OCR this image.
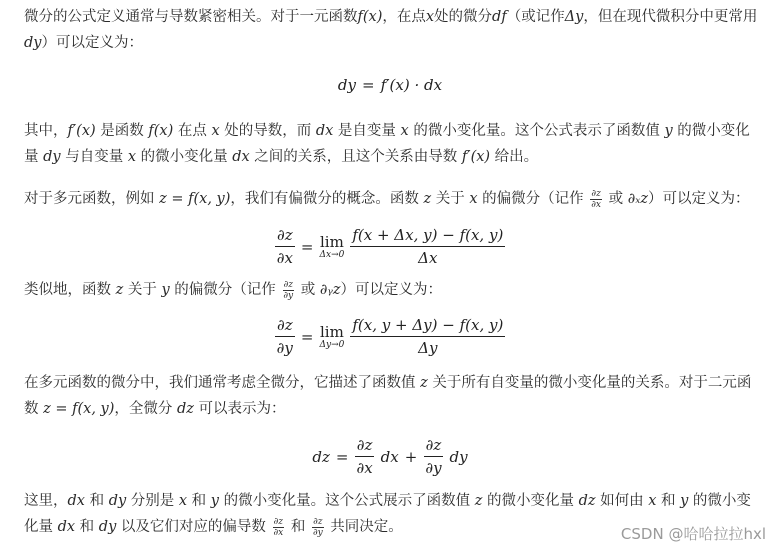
微分的公式定义通常与导数紧密相关。对于一元函数f(x)，在点x处的微分df（或记作Δy，但在现代微积分中更常用dy）可以定义为：

dy = f′(x) · dx

其中，f′(x) 是函数 f(x) 在点 x 处的导数，而 dx 是自变量 x 的微小变化量。这个公式表示了函数值 y 的微小变化量 dy 与自变量 x 的微小变化量 dx 之间的关系，且这个关系由导数 f′(x) 给出。

对于多元函数，例如 z = f(x, y)，我们有偏微分的概念。函数 z 关于 x 的偏微分（记作 $\frac{\partial z}{\partial x}$ 或 ∂ₓz）可以定义为：

$\frac{\partial z}{\partial x} = \lim$
$\Delta x\to 0 \frac{f(x + \Delta x, y) - f(x, y)}{\Delta x}$

类似地，函数 z 关于 y 的偏微分（记作 $\frac{\partial z}{\partial y}$ 或 ∂ᵧz）可以定义为：

$\frac{\partial z}{\partial y} = \lim$
$\Delta y\to 0 \frac{f(x, y + \Delta y) - f(x, y)}{\Delta y}$

在多元函数的微分中，我们通常考虑全微分，它描述了函数值 z 关于所有自变量的微小变化量的关系。对于二元函数 z = f(x, y)，全微分 dz 可以表示为：

dz = $\frac{\partial z}{\partial x}$ dx + $\frac{\partial z}{\partial y}$ dy

这里，dx 和 dy 分别是 x 和 y 的微小变化量。这个公式展示了函数值 z 的微小变化量 dz 如何由 x 和 y 的微小变化量 dx 和 dy 以及它们对应的偏导数 $\frac{\partial z}{\partial x}$ 和 $\frac{\partial z}{\partial y}$ 共同决定。	CSDN @哈哈拉拉hxl
